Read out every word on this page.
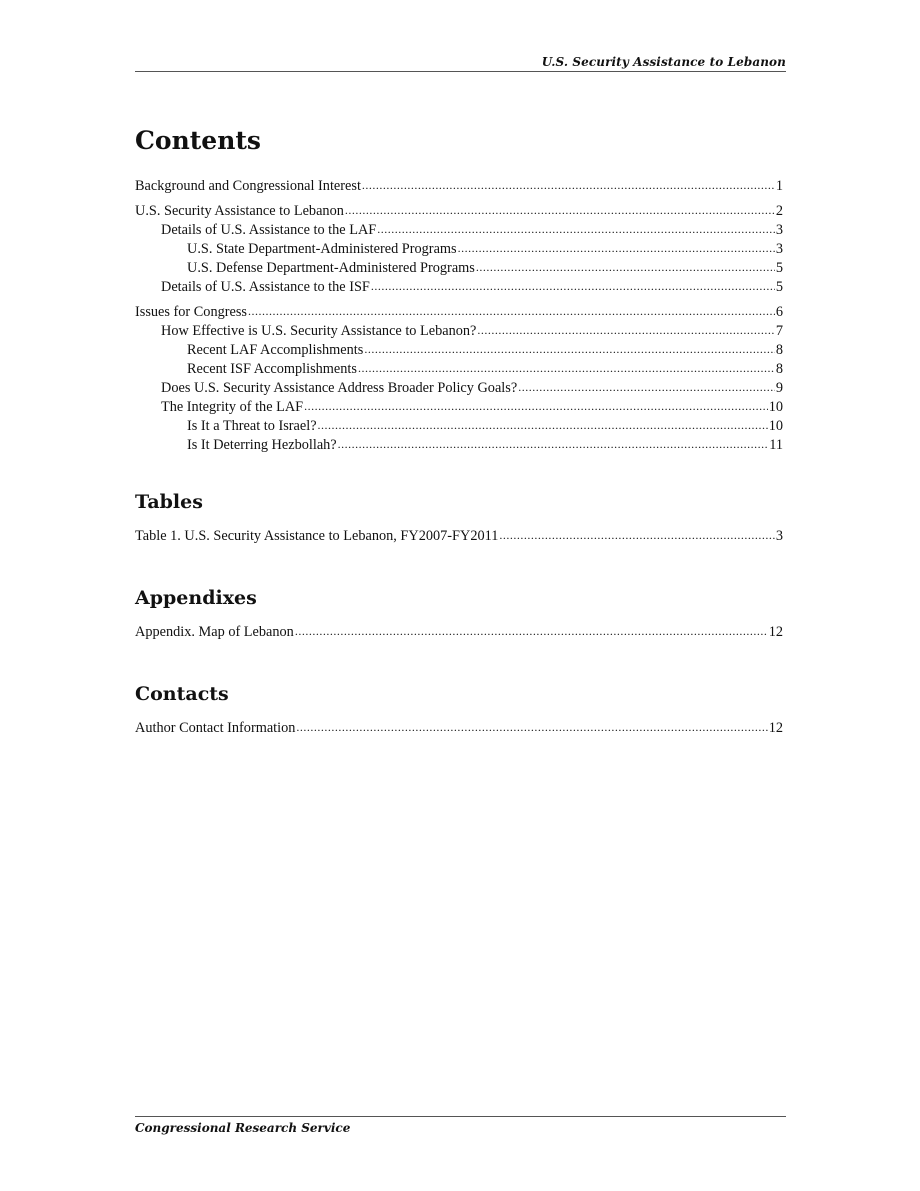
U.S. Security Assistance to Lebanon
Contents
Background and Congressional Interest .....	1
U.S. Security Assistance to Lebanon .....	2
Details of U.S. Assistance to the LAF .....	3
U.S. State Department-Administered Programs .....	3
U.S. Defense Department-Administered Programs .....	5
Details of U.S. Assistance to the ISF .....	5
Issues for Congress .....	6
How Effective is U.S. Security Assistance to Lebanon? .....	7
Recent LAF Accomplishments .....	8
Recent ISF Accomplishments .....	8
Does U.S. Security Assistance Address Broader Policy Goals? .....	9
The Integrity of the LAF .....	10
Is It a Threat to Israel? .....	10
Is It Deterring Hezbollah? .....	11
Tables
Table 1. U.S. Security Assistance to Lebanon, FY2007-FY2011 .....	3
Appendixes
Appendix. Map of Lebanon .....	12
Contacts
Author Contact Information .....	12
Congressional Research Service
